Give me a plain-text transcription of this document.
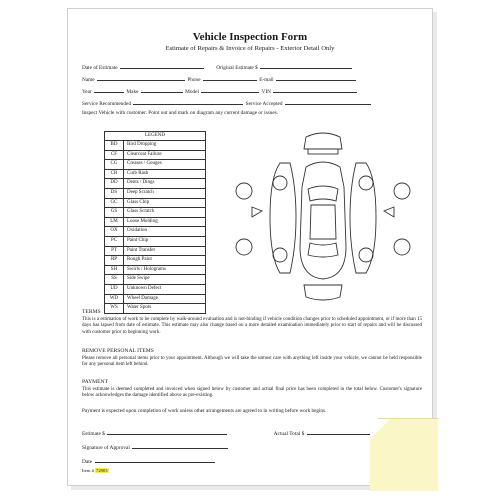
Vehicle Inspection Form
Estimate of Repairs & Invoice of Repairs - Exterior Detail Only
Date of Estimate	Original Estimate $
Name	Phone	E-mail
Year	Make	Model	VIN
Service Recommended	Service Accepted
Inspect Vehicle with customer. Point out and mark on diagram any current damage or issues.
LEGEND
BD	Bird Dropping
CF	Clearcoat Failure
CG	Creases / Gouges
CR	Curb Rash
DD	Dents / Dings
DS	Deep Scratch
GC	Glass Chip
GS	Glass Scratch
LM	Loose Molding
OX	Oxidation
PC	Paint Chip
PT	Paint Transfer
RP	Rough Paint
SH	Swirls / Holograms
SS	Side Swipe
UD	Unknown Defect
WD	Wheel Damage
WS	Water Spots
TERMS
This is a estimation of work to be complete by walk-around evaluation and is not-binding if vehicle condition changes prior to scheduled appointment, or if more than 15 days has lapsed from date of estimate. This estimate may also change based on a more detailed examination immediately prior to start of repairs and will be discussed with customer prior to beginning work.
REMOVE PERSONAL ITEMS
Please remove all personal items prior to your appointment. Although we will take the utmost care with anything left inside your vehicle, we cannot be held responsible for any personal item left behind.
PAYMENT
This estimate is deemed completed and invoiced when signed below by customer and actual final price has been completed in the total below. Customer's signature below acknowledges the damage identified above as pre-existing.
Payment is expected upon completion of work unless other arrangements are agreed to in writing before work begins.
Estimate $	Actual Total $
Signature of Approval
Date
Item # 72903
